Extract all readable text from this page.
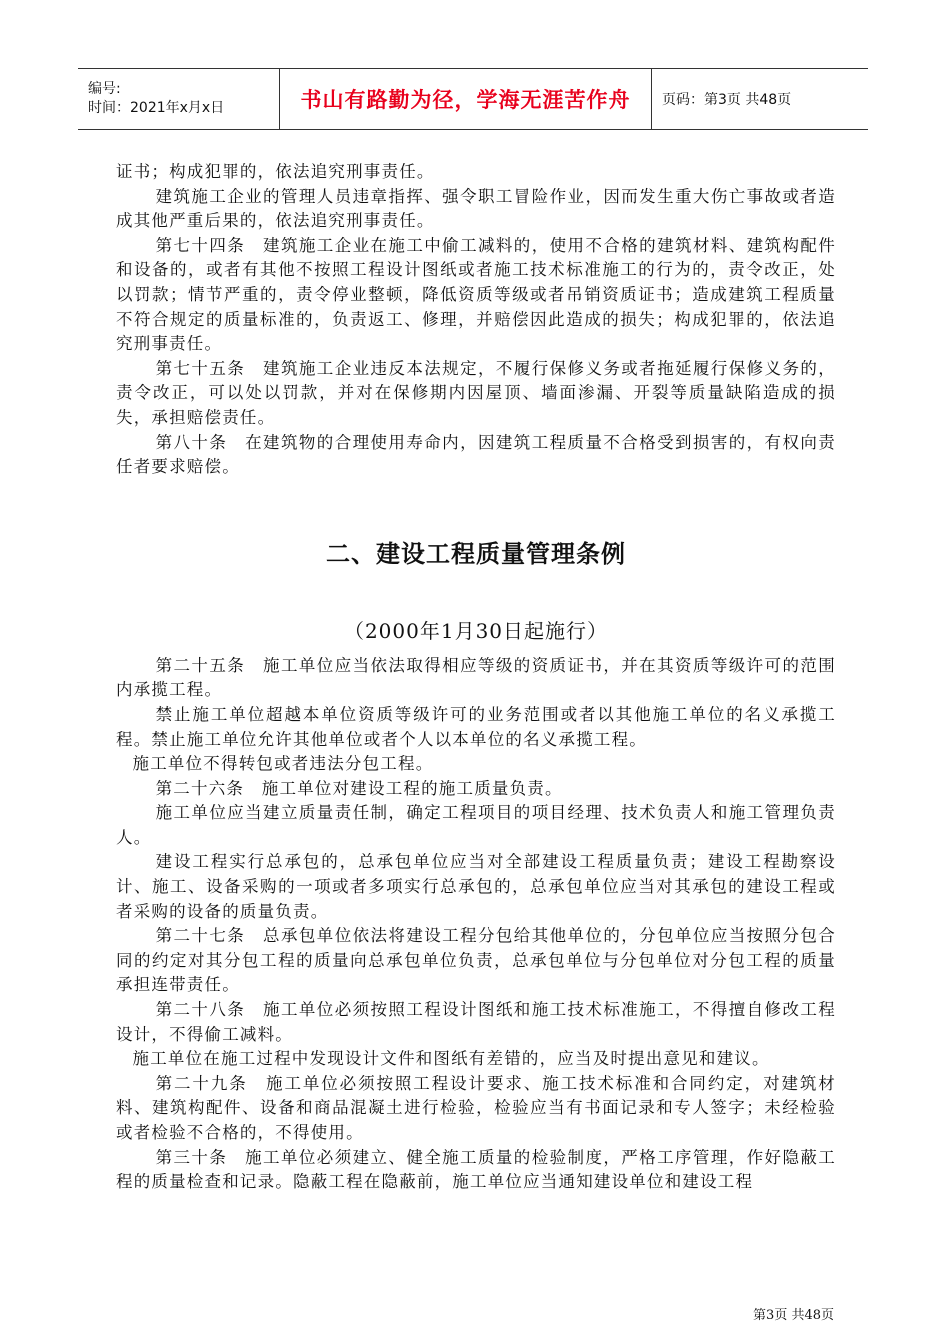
编号:
时间：2021年x月x日	书山有路勤为径，学海无涯苦作舟 页码：第3页 共48页

证书；构成犯罪的，依法追究刑事责任。

建筑施工企业的管理人员违章指挥、强令职工冒险作业，因而发生重大伤亡事故或者造成其他严重后果的，依法追究刑事责任。

第七十四条　建筑施工企业在施工中偷工减料的，使用不合格的建筑材料、建筑构配件和设备的，或者有其他不按照工程设计图纸或者施工技术标准施工的行为的，责令改正，处以罚款；情节严重的，责令停业整顿，降低资质等级或者吊销资质证书；造成建筑工程质量不符合规定的质量标准的，负责返工、修理，并赔偿因此造成的损失；构成犯罪的，依法追究刑事责任。

第七十五条　建筑施工企业违反本法规定，不履行保修义务或者拖延履行保修义务的，责令改正，可以处以罚款，并对在保修期内因屋顶、墙面渗漏、开裂等质量缺陷造成的损失，承担赔偿责任。

第八十条　在建筑物的合理使用寿命内，因建筑工程质量不合格受到损害的，有权向责任者要求赔偿。

二、建设工程质量管理条例
（2000年1月30日起施行）

第二十五条　施工单位应当依法取得相应等级的资质证书，并在其资质等级许可的范围内承揽工程。

禁止施工单位超越本单位资质等级许可的业务范围或者以其他施工单位的名义承揽工程。禁止施工单位允许其他单位或者个人以本单位的名义承揽工程。

施工单位不得转包或者违法分包工程。

第二十六条　施工单位对建设工程的施工质量负责。

施工单位应当建立质量责任制，确定工程项目的项目经理、技术负责人和施工管理负责人。

建设工程实行总承包的，总承包单位应当对全部建设工程质量负责；建设工程勘察设计、施工、设备采购的一项或者多项实行总承包的，总承包单位应当对其承包的建设工程或者采购的设备的质量负责。

第二十七条　总承包单位依法将建设工程分包给其他单位的，分包单位应当按照分包合同的约定对其分包工程的质量向总承包单位负责，总承包单位与分包单位对分包工程的质量承担连带责任。

第二十八条　施工单位必须按照工程设计图纸和施工技术标准施工，不得擅自修改工程设计，不得偷工减料。

施工单位在施工过程中发现设计文件和图纸有差错的，应当及时提出意见和建议。

第二十九条　施工单位必须按照工程设计要求、施工技术标准和合同约定，对建筑材料、建筑构配件、设备和商品混凝土进行检验，检验应当有书面记录和专人签字；未经检验或者检验不合格的，不得使用。

第三十条　施工单位必须建立、健全施工质量的检验制度，严格工序管理，作好隐蔽工程的质量检查和记录。隐蔽工程在隐蔽前，施工单位应当通知建设单位和建设工程

第3页 共48页
